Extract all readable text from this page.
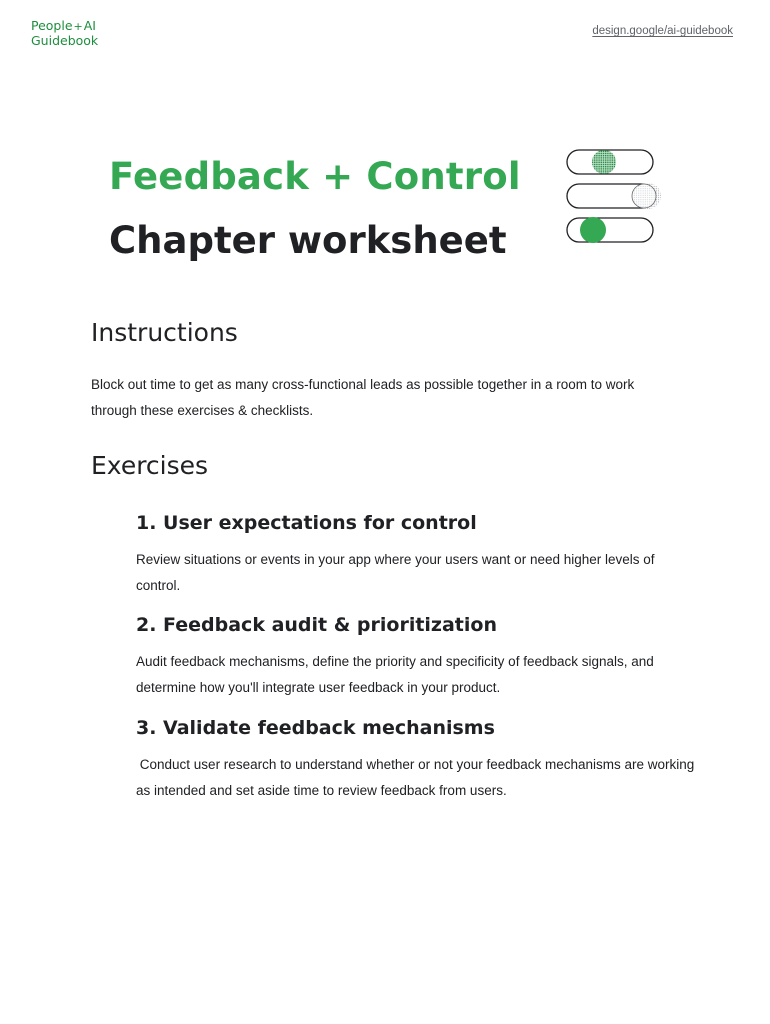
People+AI
Guidebook
design.google/ai-guidebook
Feedback + Control
Chapter worksheet
Instructions

Block out time to get as many cross-functional leads as possible together in a room to work through these exercises & checklists.

Exercises
1. User expectations for control

Review situations or events in your app where your users want or need higher levels of control.

2. Feedback audit & prioritization

Audit feedback mechanisms, define the priority and specificity of feedback signals, and determine how you'll integrate user feedback in your product.

3. Validate feedback mechanisms

Conduct user research to understand whether or not your feedback mechanisms are working as intended and set aside time to review feedback from users.
